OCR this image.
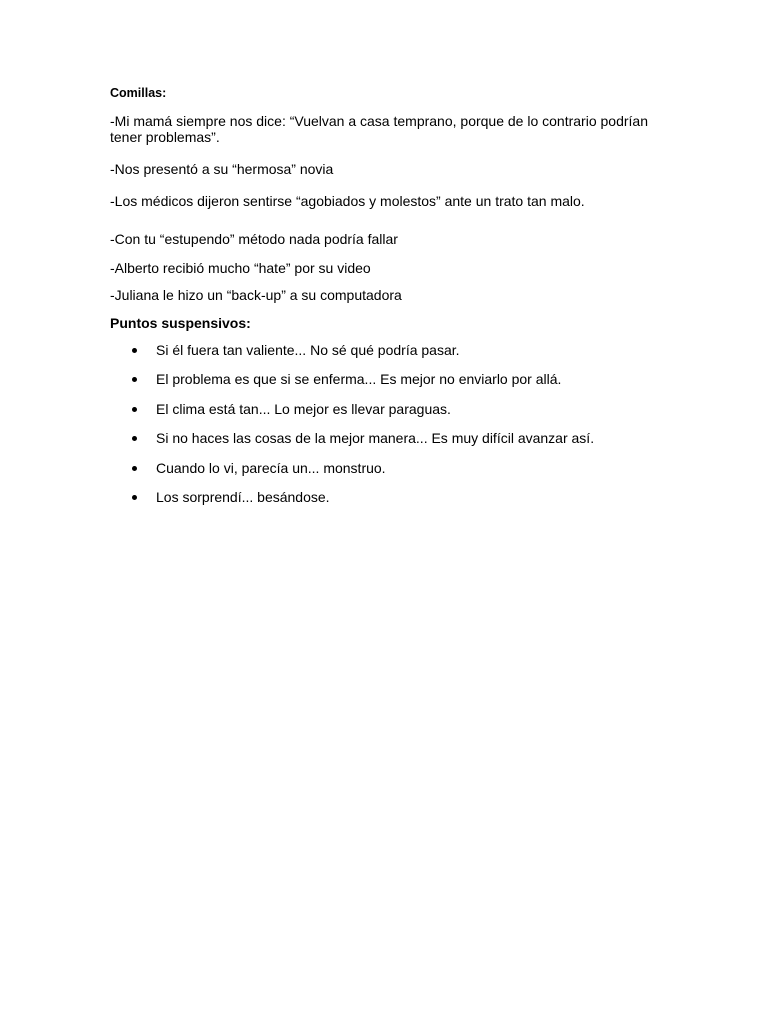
Comillas:
-Mi mamá siempre nos dice: “Vuelvan a casa temprano, porque de lo contrario podrían tener problemas”.
-Nos presentó a su “hermosa” novia
-Los médicos dijeron sentirse “agobiados y molestos” ante un trato tan malo.
-Con tu “estupendo” método nada podría fallar
-Alberto recibió mucho “hate” por su video
-Juliana le hizo un “back-up” a su computadora
Puntos suspensivos:
Si él fuera tan valiente... No sé qué podría pasar.
El problema es que si se enferma... Es mejor no enviarlo por allá.
El clima está tan... Lo mejor es llevar paraguas.
Si no haces las cosas de la mejor manera... Es muy difícil avanzar así.
Cuando lo vi, parecía un... monstruo.
Los sorprendí... besándose.
